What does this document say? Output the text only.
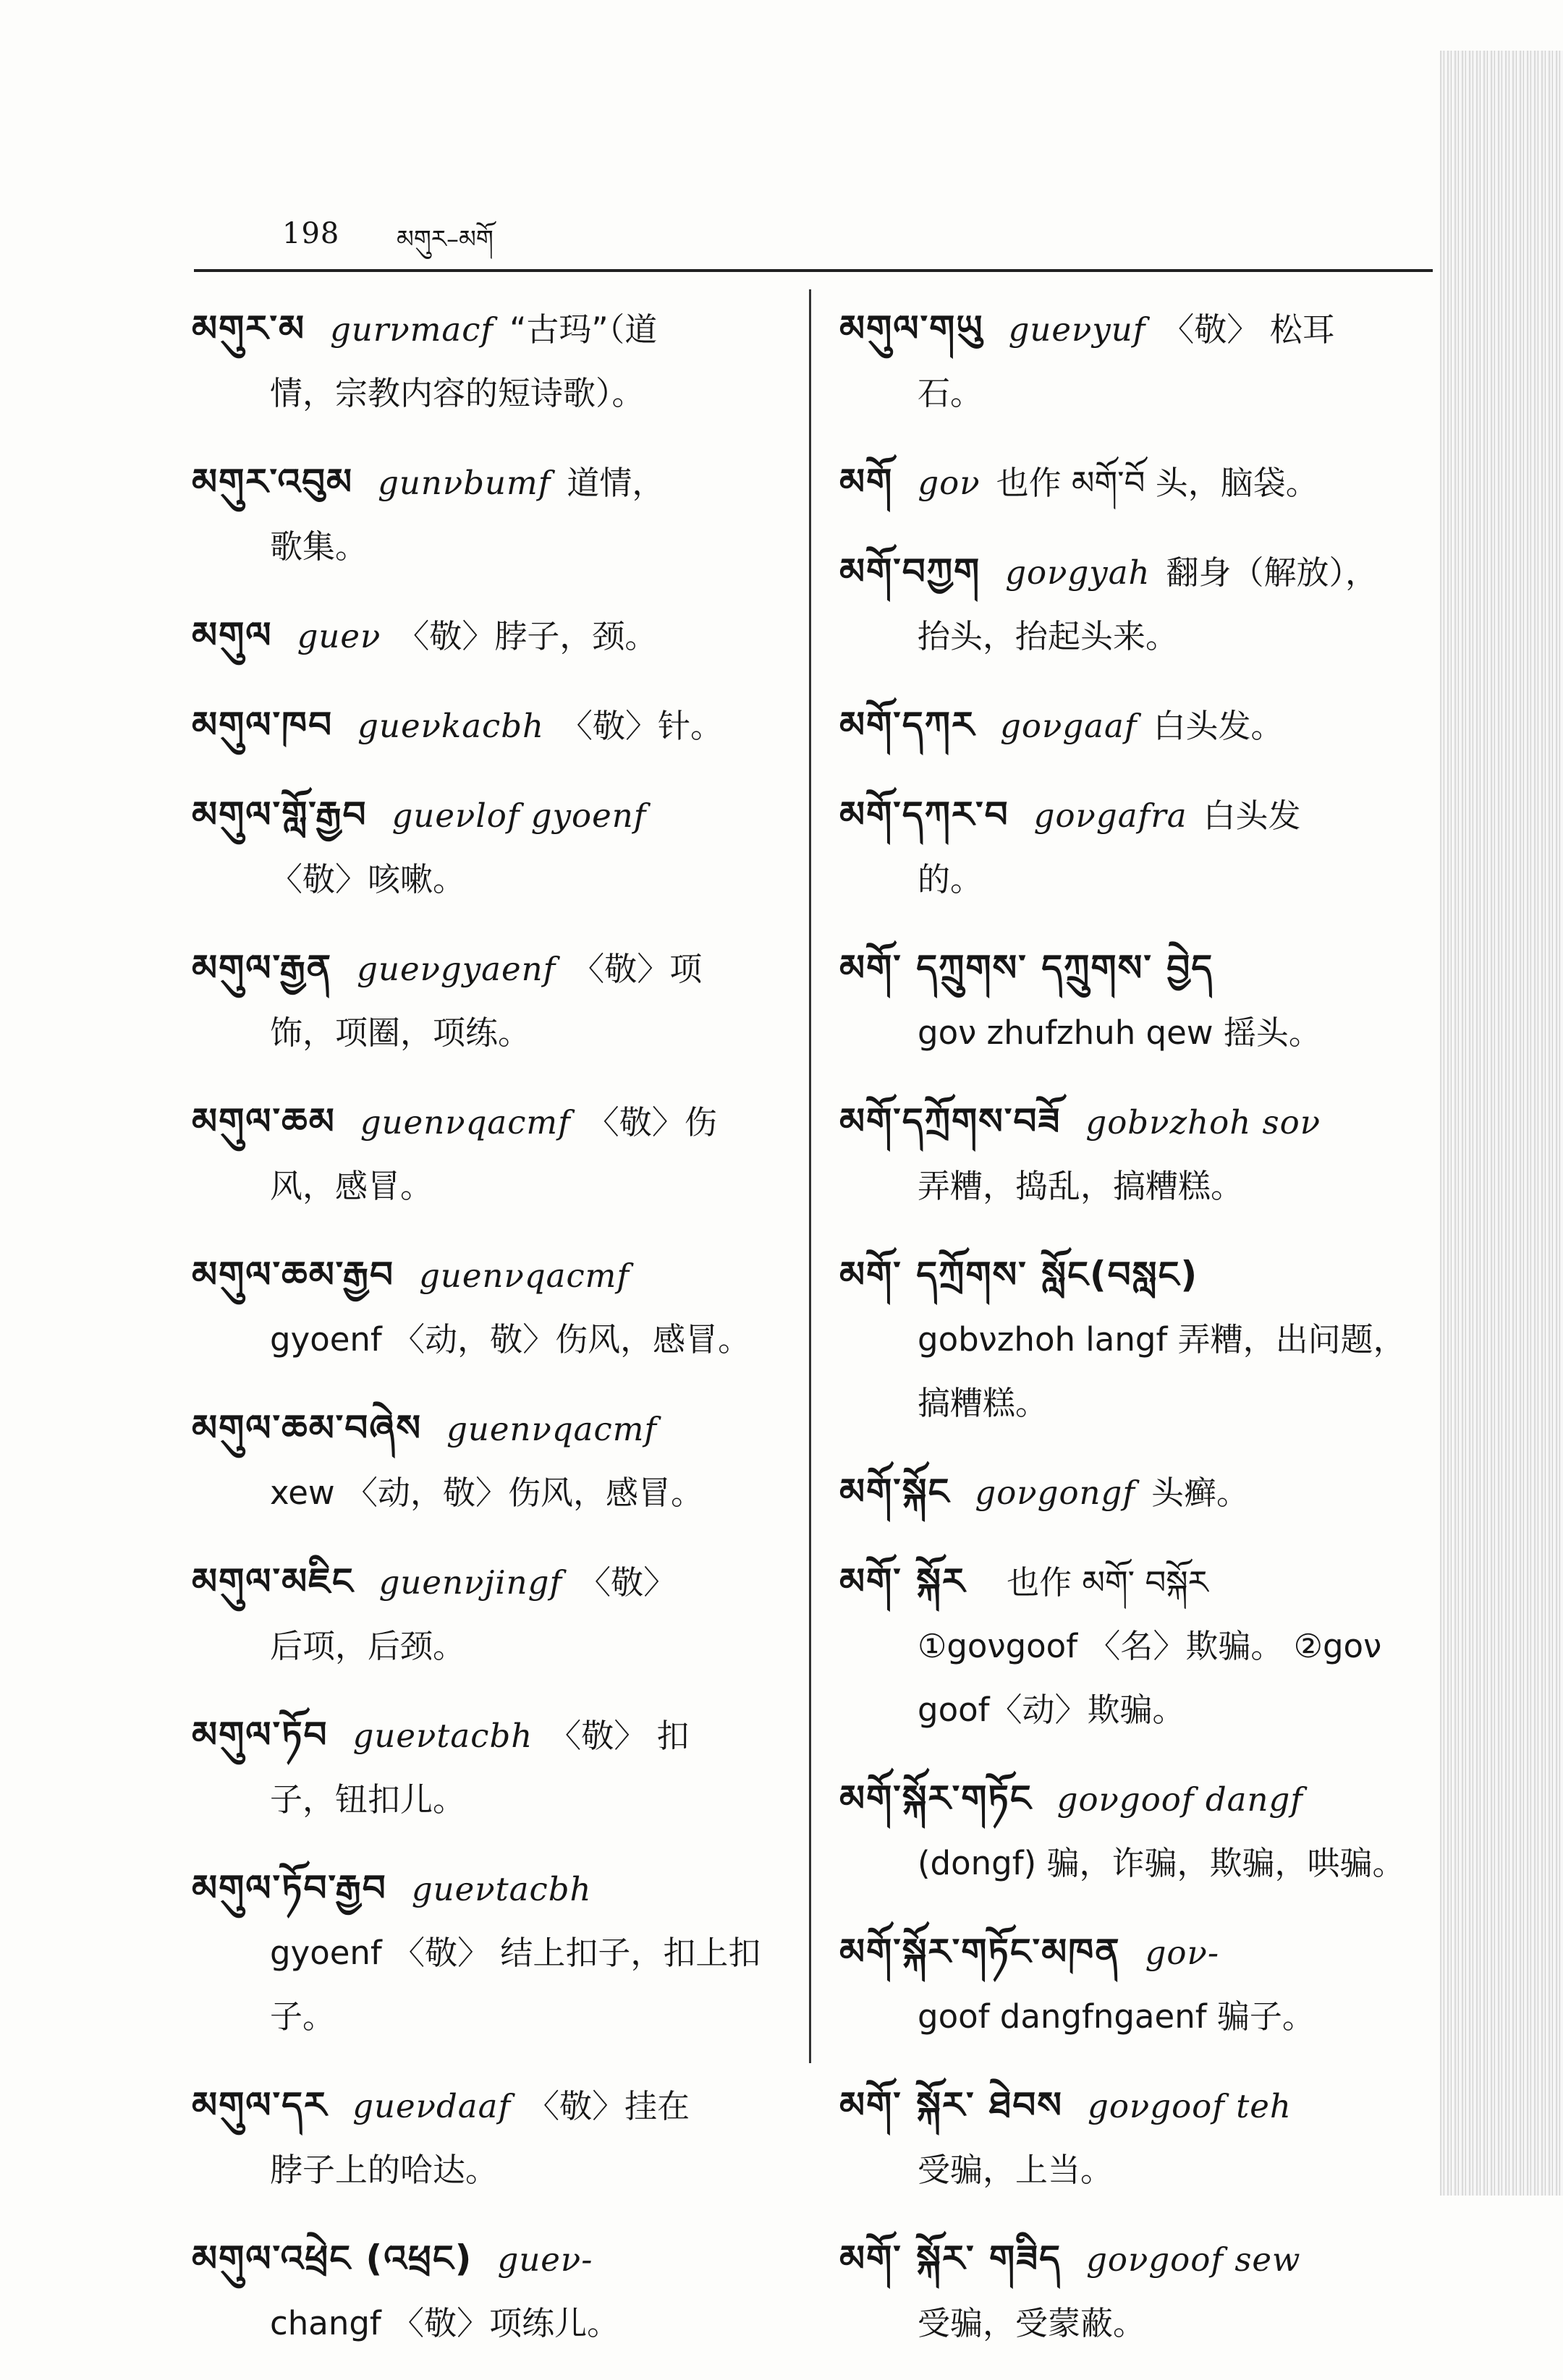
198 མགུར–མགོ
མགུར་མ gurνmacf “古玛”（道
情，宗教内容的短诗歌）。
མགུར་འབུམ gunνbumf 道情，
歌集。
མགུལ gueν 〈敬〉脖子，颈。
མགུལ་ཁབ gueνkacbh 〈敬〉针。
མགུལ་གློ་རྒྱབ gueνlof gyoenf
〈敬〉咳嗽。
མགུལ་རྒྱན gueνgyaenf 〈敬〉项
饰，项圈，项练。
མགུལ་ཆམ guenνqacmf 〈敬〉伤
风，感冒。
མགུལ་ཆམ་རྒྱབ guenνqacmf
gyoenf 〈动，敬〉伤风，感冒。
མགུལ་ཆམ་བཞེས guenνqacmf
xew 〈动，敬〉伤风，感冒。
མགུལ་མཇིང guenνjingf 〈敬〉
后项，后颈。
མགུལ་ཏོབ gueνtacbh 〈敬〉 扣
子，钮扣儿。
མགུལ་ཏོབ་རྒྱབ gueνtacbh
gyoenf 〈敬〉 结上扣子，扣上扣子。
མགུལ་དར gueνdaaf 〈敬〉挂在
脖子上的哈达。
མགུལ་འཕྲེང (འཕྲང) gueν-
changf 〈敬〉项练儿。
མགུལ་གཡུ gueνyuf 〈敬〉 松耳
石。
མགོ goν 也作 མགོ་བོ 头，脑袋。
མགོ་བཀྱག goνgyah 翻身（解放），
抬头，抬起头来。
མགོ་དཀར goνgaaf 白头发。
མགོ་དཀར་བ goνgafra 白头发
的。
མགོ་ དཀྲུགས་ དཀྲུགས་ བྱེད
goν zhufzhuh qew 摇头。
མགོ་དཀྲོགས་བཟོ gobνzhoh soν
弄糟，捣乱，搞糟糕。
མགོ་ དཀྲོགས་ སློང(བསླང)
gobνzhoh langf 弄糟，出问题，搞糟糕。
མགོ་སྐོང goνgongf 头癣。
མགོ་ སྐོར 也作 མགོ་ བསྐོར
①goνgoof 〈名〉欺骗。 ②goν goof〈动〉欺骗。
མགོ་སྐོར་གཏོང goνgoof dangf
(dongf) 骗，诈骗，欺骗，哄骗。
མགོ་སྐོར་གཏོང་མཁན goν-
goof dangfngaenf 骗子。
མགོ་ སྐོར་ ཐེབས goνgoof teh
受骗，上当。
མགོ་ སྐོར་ གཟིད goνgoof sew
受骗，受蒙蔽。
